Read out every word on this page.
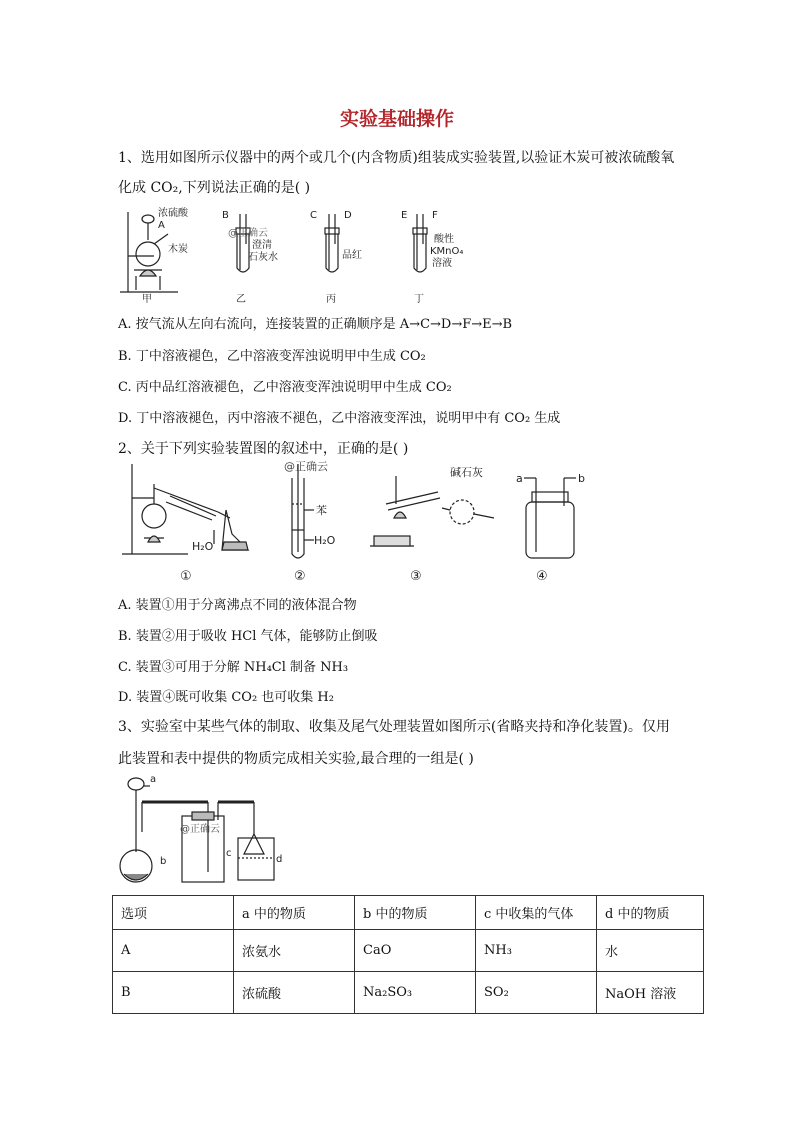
实验基础操作
1、选用如图所示仪器中的两个或几个(内含物质)组装成实验装置,以验证木炭可被浓硫酸氧
化成 CO₂,下列说法正确的是( )
浓硫酸
A
木炭
甲
B
@正确云
澄清
石灰水
乙
C	D
品红
丙
E F
酸性
KMnO₄
溶液
丁
A. 按气流从左向右流向，连接装置的正确顺序是 A→C→D→F→E→B
B. 丁中溶液褪色，乙中溶液变浑浊说明甲中生成 CO₂
C. 丙中品红溶液褪色，乙中溶液变浑浊说明甲中生成 CO₂
D. 丁中溶液褪色，丙中溶液不褪色，乙中溶液变浑浊，说明甲中有 CO₂ 生成
2、关于下列实验装置图的叙述中，正确的是( )
H₂O
①
@正确云
苯
H₂O
②
碱石灰
③
a	b
④
A. 装置①用于分离沸点不同的液体混合物
B. 装置②用于吸收 HCl 气体，能够防止倒吸
C. 装置③可用于分解 NH₄Cl 制备 NH₃
D. 装置④既可收集 CO₂ 也可收集 H₂
3、实验室中某些气体的制取、收集及尾气处理装置如图所示(省略夹持和净化装置)。仅用
此装置和表中提供的物质完成相关实验,最合理的一组是( )
a
b
c
d
@正确云
选项	a 中的物质	b 中的物质	c 中收集的气体	d 中的物质
A	浓氨水	CaO	NH₃	水
B	浓硫酸	Na₂SO₃	SO₂	NaOH 溶液
